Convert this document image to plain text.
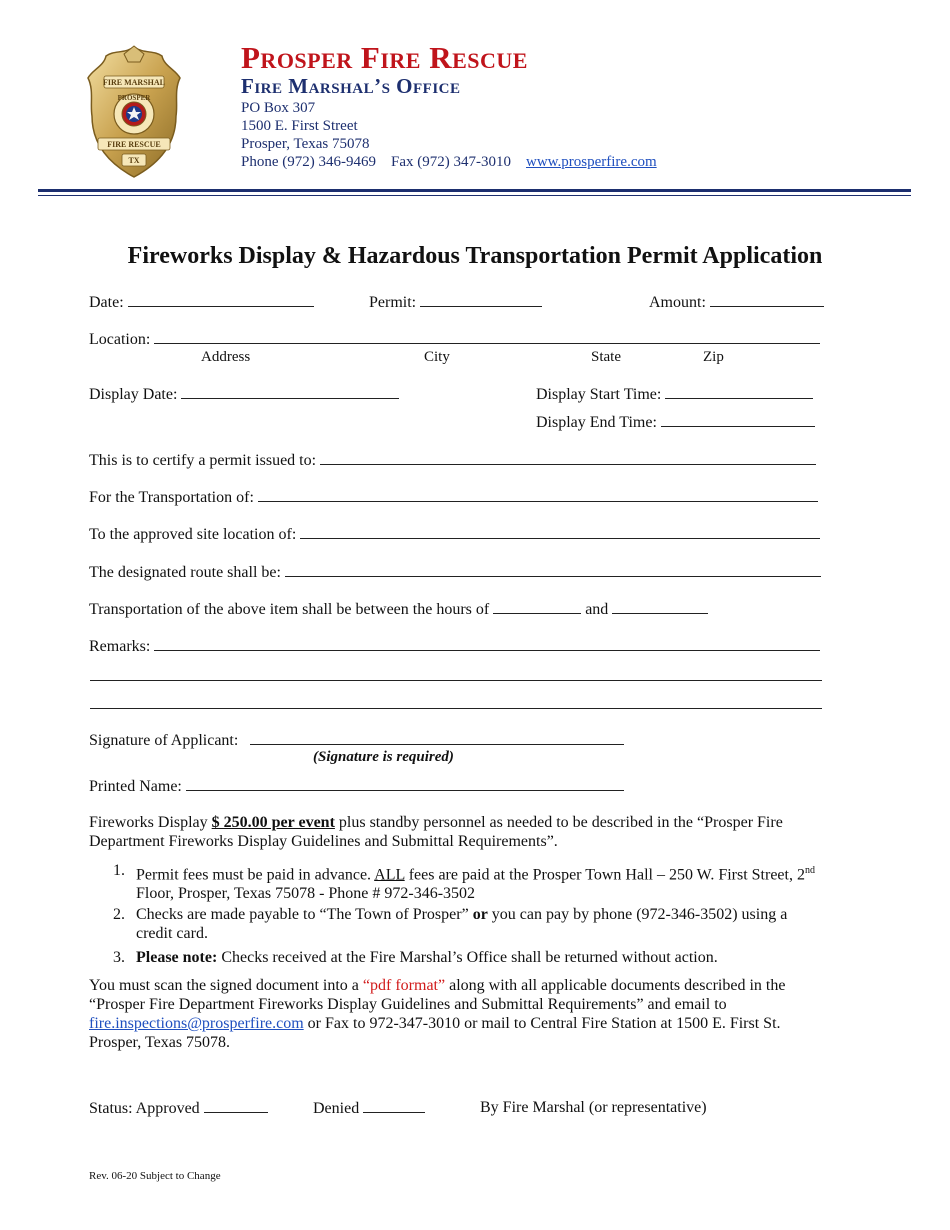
FIRE MARSHAL
PROSPER
FIRE RESCUE
TX
Prosper Fire Rescue
Fire Marshal’s Office
PO Box 307
1500 E. First Street
Prosper, Texas 75078
Phone (972) 346-9469 Fax (972) 347-3010 www.prosperfire.com
Fireworks Display & Hazardous Transportation Permit Application
Date:	Permit:	Amount:
Location:
Address	City	State	Zip
Display Date:	Display Start Time:
Display End Time:
This is to certify a permit issued to:
For the Transportation of:
To the approved site location of:
The designated route shall be:
Transportation of the above item shall be between the hours of	and
Remarks:
Signature of Applicant:
(Signature is required)
Printed Name:
Fireworks Display $ 250.00 per event plus standby personnel as needed to be described in the “Prosper Fire
Department Fireworks Display Guidelines and Submittal Requirements”.
1. Permit fees must be paid in advance. ALL fees are paid at the Prosper Town Hall – 250 W. First Street, 2nd
Floor, Prosper, Texas 75078 - Phone # 972-346-3502
2. Checks are made payable to “The Town of Prosper” or you can pay by phone (972-346-3502) using a
credit card.
3. Please note: Checks received at the Fire Marshal’s Office shall be returned without action.
You must scan the signed document into a “pdf format” along with all applicable documents described in the
“Prosper Fire Department Fireworks Display Guidelines and Submittal Requirements” and email to
fire.inspections@prosperfire.com or Fax to 972-347-3010 or mail to Central Fire Station at 1500 E. First St.
Prosper, Texas 75078.
Status: Approved	Denied	By Fire Marshal (or representative)
Rev. 06-20 Subject to Change
